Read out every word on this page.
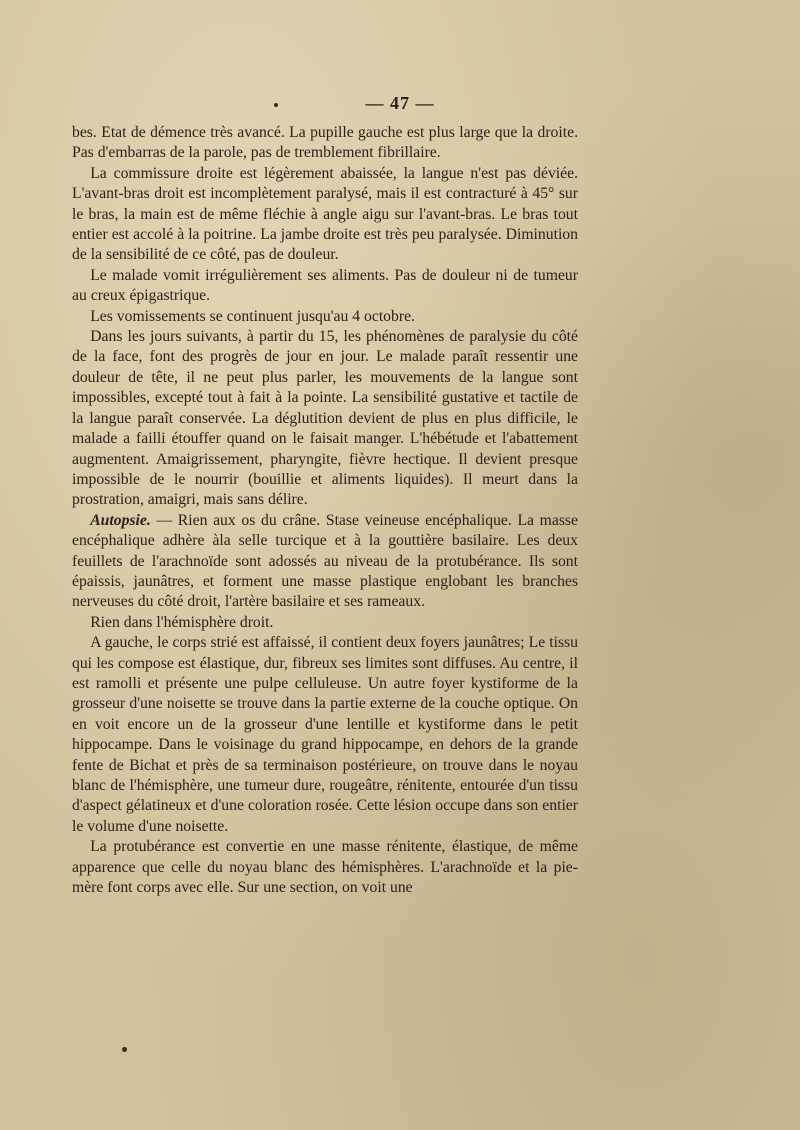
— 47 —

bes. Etat de démence très avancé. La pupille gauche est plus large que la droite. Pas d'embarras de la parole, pas de tremblement fibrillaire.

La commissure droite est légèrement abaissée, la langue n'est pas déviée. L'avant-bras droit est incomplètement paralysé, mais il est contracturé à 45° sur le bras, la main est de même fléchie à angle aigu sur l'avant-bras. Le bras tout entier est accolé à la poitrine. La jambe droite est très peu paralysée. Diminution de la sensibilité de ce côté, pas de douleur.

Le malade vomit irrégulièrement ses aliments. Pas de douleur ni de tumeur au creux épigastrique.

Les vomissements se continuent jusqu'au 4 octobre.

Dans les jours suivants, à partir du 15, les phénomènes de paralysie du côté de la face, font des progrès de jour en jour. Le malade paraît ressentir une douleur de tête, il ne peut plus parler, les mouvements de la langue sont impossibles, excepté tout à fait à la pointe. La sensibilité gustative et tactile de la langue paraît conservée. La déglutition devient de plus en plus difficile, le malade a failli étouffer quand on le faisait manger. L'hébétude et l'abattement augmentent. Amaigrissement, pharyngite, fièvre hectique. Il devient presque impossible de le nourrir (bouillie et aliments liquides). Il meurt dans la prostration, amaigri, mais sans délire.

Autopsie. — Rien aux os du crâne. Stase veineuse encéphalique. La masse encéphalique adhère àla selle turcique et à la gouttière basilaire. Les deux feuillets de l'arachnoïde sont adossés au niveau de la protubérance. Ils sont épaissis, jaunâtres, et forment une masse plastique englobant les branches nerveuses du côté droit, l'artère basilaire et ses rameaux.

Rien dans l'hémisphère droit.

A gauche, le corps strié est affaissé, il contient deux foyers jaunâtres; Le tissu qui les compose est élastique, dur, fibreux ses limites sont diffuses. Au centre, il est ramolli et présente une pulpe celluleuse. Un autre foyer kystiforme de la grosseur d'une noisette se trouve dans la partie externe de la couche optique. On en voit encore un de la grosseur d'une lentille et kystiforme dans le petit hippocampe. Dans le voisinage du grand hippocampe, en dehors de la grande fente de Bichat et près de sa terminaison postérieure, on trouve dans le noyau blanc de l'hémisphère, une tumeur dure, rougeâtre, rénitente, entourée d'un tissu d'aspect gélatineux et d'une coloration rosée. Cette lésion occupe dans son entier le volume d'une noisette.

La protubérance est convertie en une masse rénitente, élastique, de même apparence que celle du noyau blanc des hémisphères. L'arachnoïde et la pie-mère font corps avec elle. Sur une section, on voit une
